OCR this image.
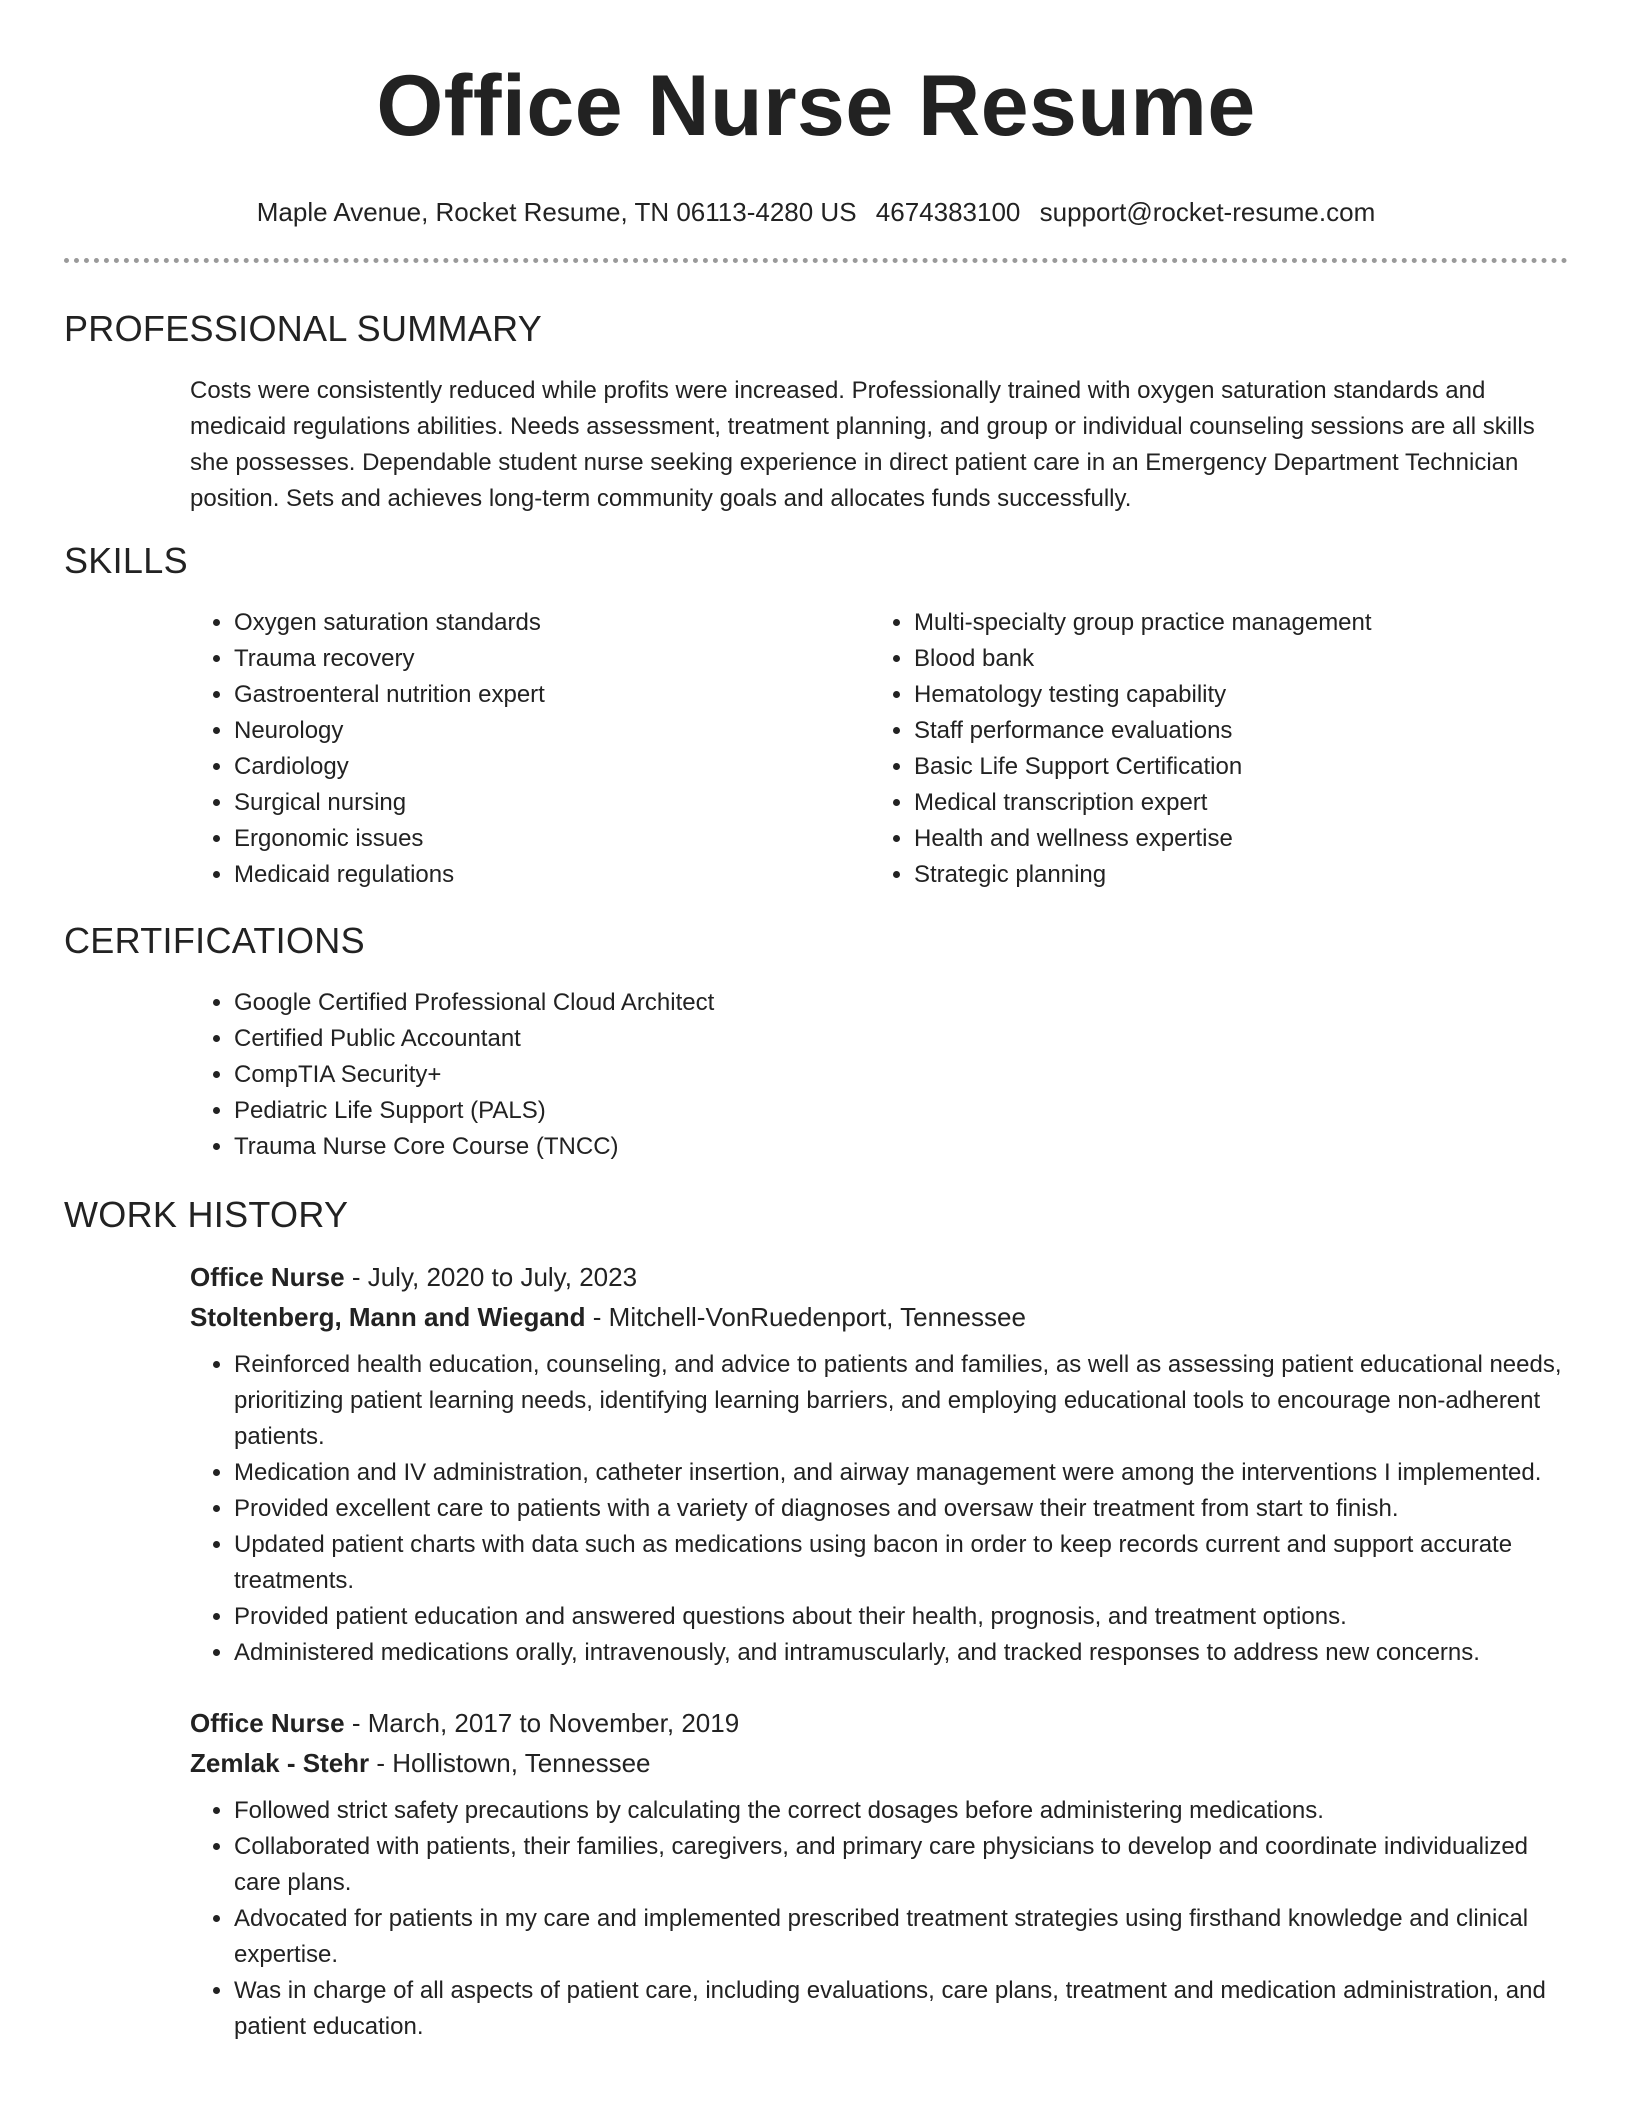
Office Nurse Resume
Maple Avenue, Rocket Resume, TN 06113-4280 US 4674383100 support@rocket-resume.com
PROFESSIONAL SUMMARY

Costs were consistently reduced while profits were increased. Professionally trained with oxygen saturation standards and medicaid regulations abilities. Needs assessment, treatment planning, and group or individual counseling sessions are all skills she possesses. Dependable student nurse seeking experience in direct patient care in an Emergency Department Technician position. Sets and achieves long-term community goals and allocates funds successfully.

SKILLS
• Oxygen saturation standards
• Trauma recovery
• Gastroenteral nutrition expert
• Neurology
• Cardiology
• Surgical nursing
• Ergonomic issues
• Medicaid regulations
• Multi-specialty group practice management
• Blood bank
• Hematology testing capability
• Staff performance evaluations
• Basic Life Support Certification
• Medical transcription expert
• Health and wellness expertise
• Strategic planning
CERTIFICATIONS
• Google Certified Professional Cloud Architect
• Certified Public Accountant
• CompTIA Security+
• Pediatric Life Support (PALS)
• Trauma Nurse Core Course (TNCC)
WORK HISTORY
Office Nurse - July, 2020 to July, 2023
Stoltenberg, Mann and Wiegand - Mitchell-VonRuedenport, Tennessee
• Reinforced health education, counseling, and advice to patients and families, as well as assessing patient educational needs, prioritizing patient learning needs, identifying learning barriers, and employing educational tools to encourage non-adherent patients.
• Medication and IV administration, catheter insertion, and airway management were among the interventions I implemented.
• Provided excellent care to patients with a variety of diagnoses and oversaw their treatment from start to finish.
• Updated patient charts with data such as medications using bacon in order to keep records current and support accurate treatments.
• Provided patient education and answered questions about their health, prognosis, and treatment options.
• Administered medications orally, intravenously, and intramuscularly, and tracked responses to address new concerns.
Office Nurse - March, 2017 to November, 2019
Zemlak - Stehr - Hollistown, Tennessee
• Followed strict safety precautions by calculating the correct dosages before administering medications.
• Collaborated with patients, their families, caregivers, and primary care physicians to develop and coordinate individualized care plans.
• Advocated for patients in my care and implemented prescribed treatment strategies using firsthand knowledge and clinical expertise.
• Was in charge of all aspects of patient care, including evaluations, care plans, treatment and medication administration, and patient education.
